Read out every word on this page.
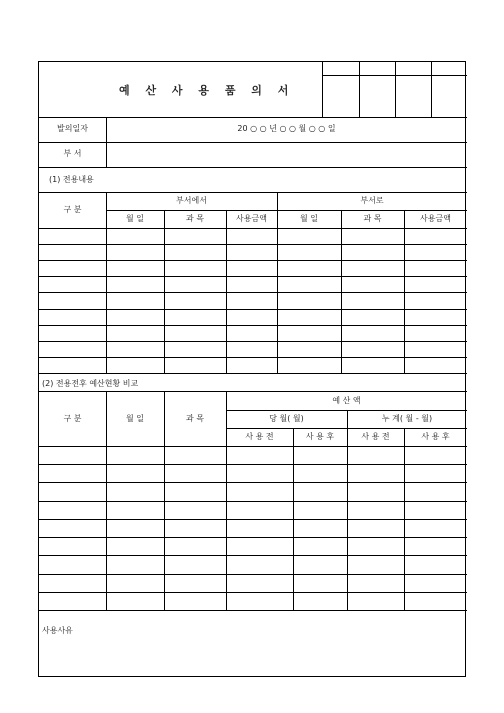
예 산 사 용 품 의 서
발의일자	20 ○ ○ 년 ○ ○ 월 ○ ○ 일
부 서
(1) 전용내용
구 분
부서에서	부서로
월 일	과 목	사용금액	월 일	과 목	사용금액
(2) 전용전후 예산현황 비교
구 분	월 일	과 목
예 산 액
당 월( 월)	누 계( 월 - 월)
사 용 전	사 용 후	사 용 전	사 용 후
사용사유
